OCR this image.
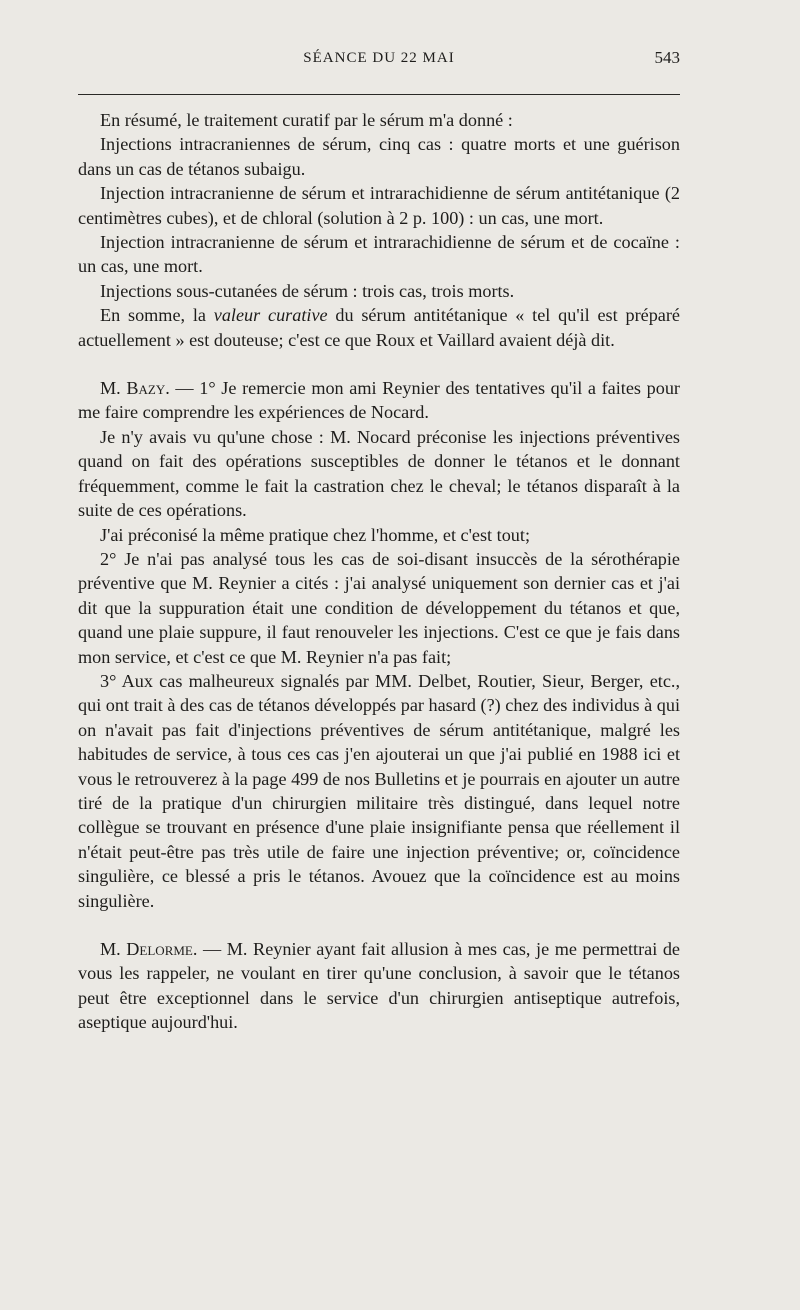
SÉANCE DU 22 MAI	543

En résumé, le traitement curatif par le sérum m'a donné :

Injections intracraniennes de sérum, cinq cas : quatre morts et une guérison dans un cas de tétanos subaigu.

Injection intracranienne de sérum et intrarachidienne de sérum antitétanique (2 centimètres cubes), et de chloral (solution à 2 p. 100) : un cas, une mort.

Injection intracranienne de sérum et intrarachidienne de sérum et de cocaïne : un cas, une mort.

Injections sous-cutanées de sérum : trois cas, trois morts.

En somme, la valeur curative du sérum antitétanique « tel qu'il est préparé actuellement » est douteuse; c'est ce que Roux et Vaillard avaient déjà dit.

M. Bazy. — 1° Je remercie mon ami Reynier des tentatives qu'il a faites pour me faire comprendre les expériences de Nocard.

Je n'y avais vu qu'une chose : M. Nocard préconise les injections préventives quand on fait des opérations susceptibles de donner le tétanos et le donnant fréquemment, comme le fait la castration chez le cheval; le tétanos disparaît à la suite de ces opérations.

J'ai préconisé la même pratique chez l'homme, et c'est tout;

2° Je n'ai pas analysé tous les cas de soi-disant insuccès de la sérothérapie préventive que M. Reynier a cités : j'ai analysé uniquement son dernier cas et j'ai dit que la suppuration était une condition de développement du tétanos et que, quand une plaie suppure, il faut renouveler les injections. C'est ce que je fais dans mon service, et c'est ce que M. Reynier n'a pas fait;

3° Aux cas malheureux signalés par MM. Delbet, Routier, Sieur, Berger, etc., qui ont trait à des cas de tétanos développés par hasard (?) chez des individus à qui on n'avait pas fait d'injections préventives de sérum antitétanique, malgré les habitudes de service, à tous ces cas j'en ajouterai un que j'ai publié en 1988 ici et vous le retrouverez à la page 499 de nos Bulletins et je pourrais en ajouter un autre tiré de la pratique d'un chirurgien militaire très distingué, dans lequel notre collègue se trouvant en présence d'une plaie insignifiante pensa que réellement il n'était peut-être pas très utile de faire une injection préventive; or, coïncidence singulière, ce blessé a pris le tétanos. Avouez que la coïncidence est au moins singulière.

M. Delorme. — M. Reynier ayant fait allusion à mes cas, je me permettrai de vous les rappeler, ne voulant en tirer qu'une conclusion, à savoir que le tétanos peut être exceptionnel dans le service d'un chirurgien antiseptique autrefois, aseptique aujourd'hui.
